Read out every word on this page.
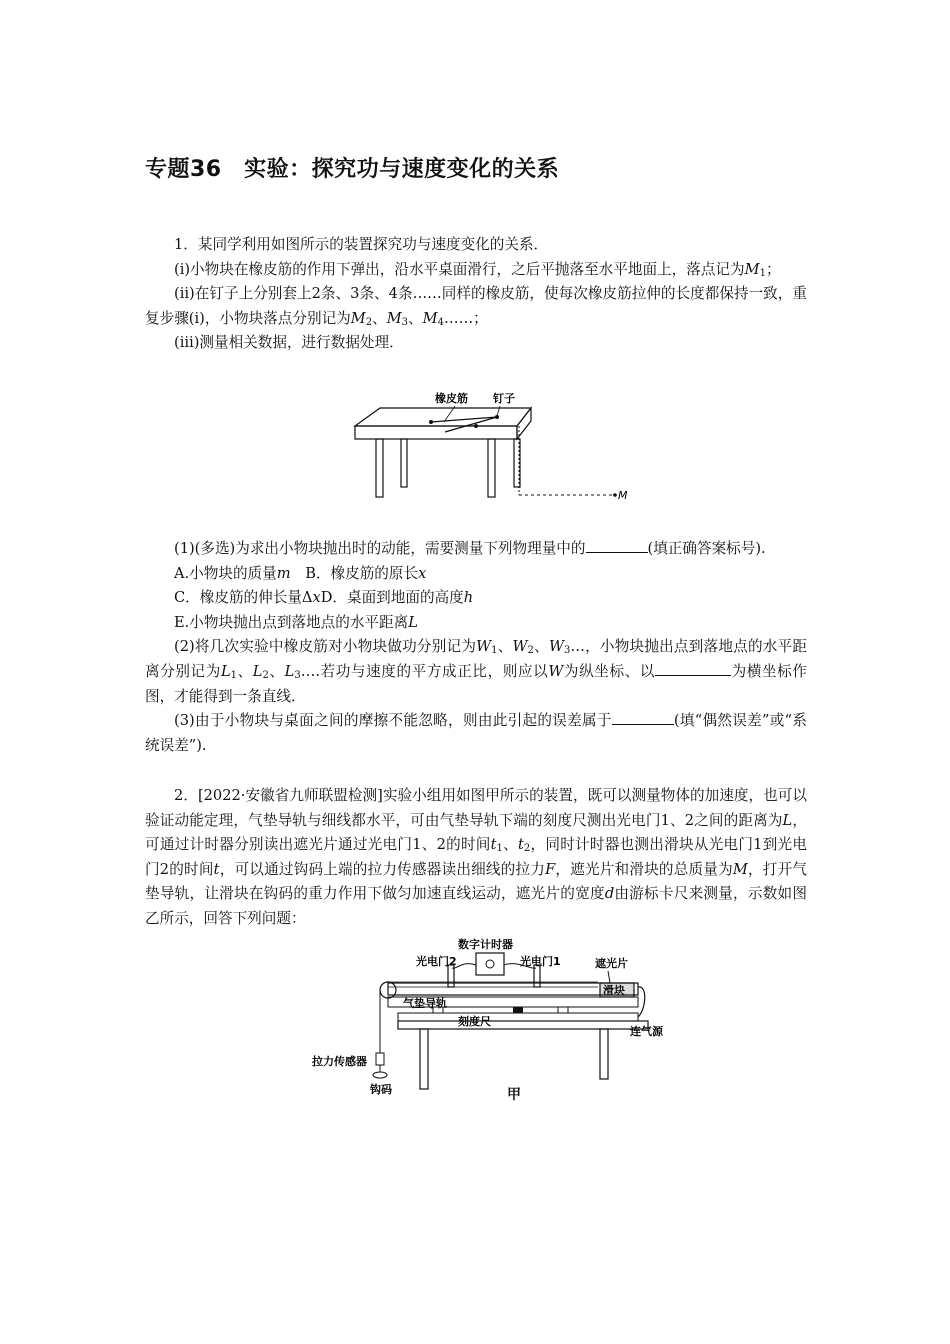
专题36　实验：探究功与速度变化的关系

1．某同学利用如图所示的装置探究功与速度变化的关系．

(ⅰ)小物块在橡皮筋的作用下弹出，沿水平桌面滑行，之后平抛落至水平地面上，落点记为$M_1$；

(ⅱ)在钉子上分别套上2条、3条、4条……同样的橡皮筋，使每次橡皮筋拉伸的长度都保持一致，重复步骤(ⅰ)，小物块落点分别记为$M_2$、$M_3$、$M_4\dots\dots$；

(ⅲ)测量相关数据，进行数据处理．

橡皮筋 钉子
M

(1)(多选)为求出小物块抛出时的动能，需要测量下列物理量中的	(填正确答案标号).

A.小物块的质量m　 B．橡皮筋的原长x

C．橡皮筋的伸长量ΔxD．桌面到地面的高度h

E.小物块抛出点到落地点的水平距离L

(2)将几次实验中橡皮筋对小物块做功分别记为$W_1$、$W_2$、$W_3\dots$，小物块抛出点到落地点的水平距离分别记为$L_1$、$L_2$、$L_3\dots$.若功与速度的平方成正比，则应以W为纵坐标、以	为横坐标作图，才能得到一条直线．

(3)由于小物块与桌面之间的摩擦不能忽略，则由此引起的误差属于	(填“偶然误差”或“系统误差”).

2．[2022·安徽省九师联盟检测]实验小组用如图甲所示的装置，既可以测量物体的加速度，也可以验证动能定理，气垫导轨与细线都水平，可由气垫导轨下端的刻度尺测出光电门1、2之间的距离为L，可通过计时器分别读出遮光片通过光电门1、2的时间$t_1$、$t_2$，同时计时器也测出滑块从光电门1到光电门2的时间t，可以通过钩码上端的拉力传感器读出细线的拉力F，遮光片和滑块的总质量为M，打开气垫导轨，让滑块在钩码的重力作用下做匀加速直线运动，遮光片的宽度d由游标卡尺来测量，示数如图乙所示，回答下列问题：

数字计时器
光电门2	光电门1	遮光片
滑块
气垫导轨
刻度尺
连气源
拉力传感器
钩码	甲
